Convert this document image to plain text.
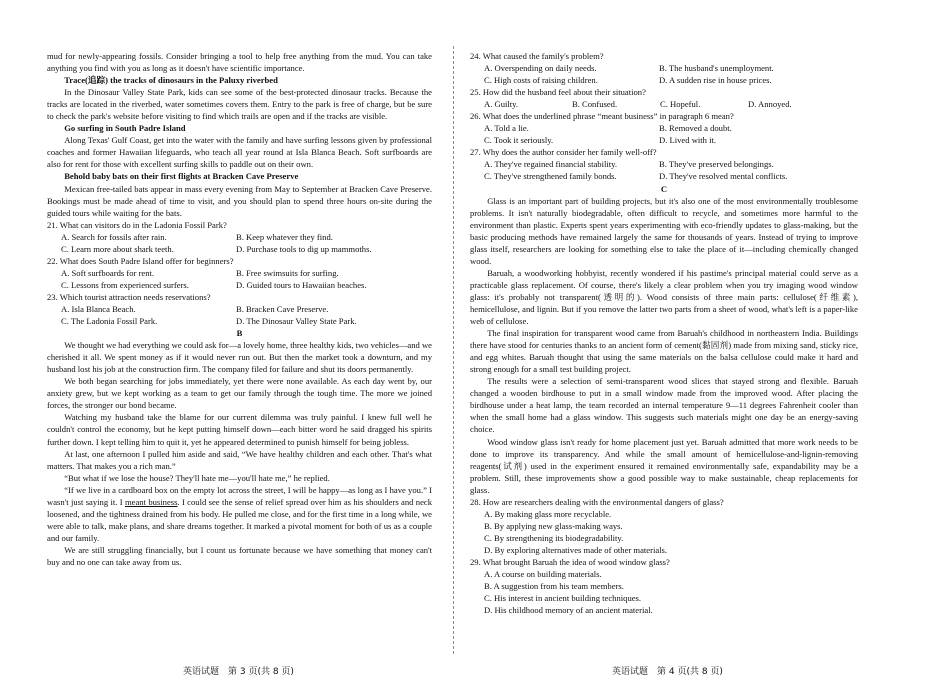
mud for newly-appearing fossils. Consider bringing a tool to help free anything from the mud. You can take anything you find with you as long as it doesn't have scientific importance.

Trace(追踪) the tracks of dinosaurs in the Paluxy riverbed

In the Dinosaur Valley State Park, kids can see some of the best-protected dinosaur tracks. Because the tracks are located in the riverbed, water sometimes covers them. Entry to the park is free of charge, but be sure to check the park's website before visiting to find which trails are open and if the tracks are visible.

Go surfing in South Padre Island

Along Texas' Gulf Coast, get into the water with the family and have surfing lessons given by professional coaches and former Hawaiian lifeguards, who teach all year round at Isla Blanca Beach. Soft surfboards are also for rent for those with excellent surfing skills to paddle out on their own.

Behold baby bats on their first flights at Bracken Cave Preserve

Mexican free-tailed bats appear in mass every evening from May to September at Bracken Cave Preserve. Bookings must be made ahead of time to visit, and you should plan to spend three hours on-site during the guided tours while waiting for the bats.

21. What can visitors do in the Ladonia Fossil Park?

A. Search for fossils after rain.	B. Keep whatever they find.
C. Learn more about shark teeth.	D. Purchase tools to dig up mammoths.

22. What does South Padre Island offer for beginners?

A. Soft surfboards for rent.	B. Free swimsuits for surfing.
C. Lessons from experienced surfers.	D. Guided tours to Hawaiian beaches.

23. Which tourist attraction needs reservations?

A. Isla Blanca Beach.	B. Bracken Cave Preserve.
C. The Ladonia Fossil Park.	D. The Dinosaur Valley State Park.

B

We thought we had everything we could ask for—a lovely home, three healthy kids, two vehicles—and we cherished it all. We spent money as if it would never run out. But then the market took a downturn, and my husband lost his job at the construction firm. The company filed for failure and shut its doors permanently.

We both began searching for jobs immediately, yet there were none available. As each day went by, our anxiety grew, but we kept working as a team to get our family through the tough time. The more we joined forces, the stronger our bond became.

Watching my husband take the blame for our current dilemma was truly painful. I knew full well he couldn't control the economy, but he kept putting himself down—each bitter word he said dragged his spirits further down. I kept telling him to quit it, yet he appeared determined to punish himself for being jobless.

At last, one afternoon I pulled him aside and said, “We have healthy children and each other. That's what matters. That makes you a rich man.”

“But what if we lose the house? They'll hate me—you'll hate me,” he replied.

“If we live in a cardboard box on the empty lot across the street, I will be happy—as long as I have you.” I wasn't just saying it. I meant business. I could see the sense of relief spread over him as his shoulders and neck loosened, and the tightness drained from his body. He pulled me close, and for the first time in a long while, we were able to talk, make plans, and share dreams together. It marked a pivotal moment for both of us as a couple and our family.

We are still struggling financially, but I count us fortunate because we have something that money can't buy and no one can take away from us.

24. What caused the family's problem?

A. Overspending on daily needs.	B. The husband's unemployment.
C. High costs of raising children.	D. A sudden rise in house prices.

25. How did the husband feel about their situation?

A. Guilty.	B. Confused.	C. Hopeful.	D. Annoyed.

26. What does the underlined phrase “meant business” in paragraph 6 mean?

A. Told a lie.	B. Removed a doubt.
C. Took it seriously.	D. Lived with it.

27. Why does the author consider her family well-off?

A. They've regained financial stability.	B. They've preserved belongings.
C. They've strengthened family bonds.	D. They've resolved mental conflicts.

C

Glass is an important part of building projects, but it's also one of the most environmentally troublesome problems. It isn't naturally biodegradable, often difficult to recycle, and sometimes more harmful to the environment than plastic. Experts spent years experimenting with eco-friendly updates to glass-making, but the basic producing methods have remained largely the same for thousands of years. Instead of trying to improve glass itself, researchers are looking for something else to take the place of it—including chemically changed wood.

Baruah, a woodworking hobbyist, recently wondered if his pastime's principal material could serve as a practicable glass replacement. Of course, there's likely a clear problem when you try imaging wood window glass: it's probably not transparent(透明的). Wood consists of three main parts: cellulose(纤维素), hemicellulose, and lignin. But if you remove the latter two parts from a sheet of wood, what's left is a paper-like web of cellulose.

The final inspiration for transparent wood came from Baruah's childhood in northeastern India. Buildings there have stood for centuries thanks to an ancient form of cement(黏固剂) made from mixing sand, sticky rice, and egg whites. Baruah thought that using the same materials on the balsa cellulose could make it hard and strong enough for a small test building project.

The results were a selection of semi-transparent wood slices that stayed strong and flexible. Baruah changed a wooden birdhouse to put in a small window made from the improved wood. After placing the birdhouse under a heat lamp, the team recorded an internal temperature 9—11 degrees Fahrenheit cooler than when the small home had a glass window. This suggests such materials might one day be an energy-saving choice.

Wood window glass isn't ready for home placement just yet. Baruah admitted that more work needs to be done to improve its transparency. And while the small amount of hemicellulose-and-lignin-removing reagents(试剂) used in the experiment ensured it remained environmentally safe, expandability may be a problem. Still, these improvements show a good possible way to make sustainable, cheap replacements for glass.

28. How are researchers dealing with the environmental dangers of glass?

A. By making glass more recyclable.

B. By applying new glass-making ways.

C. By strengthening its biodegradability.

D. By exploring alternatives made of other materials.

29. What brought Baruah the idea of wood window glass?

A. A course on building materials.

B. A suggestion from his team members.

C. His interest in ancient building techniques.

D. His childhood memory of an ancient material.

英语试题　第 3 页(共 8 页)	英语试题　第 4 页(共 8 页)
